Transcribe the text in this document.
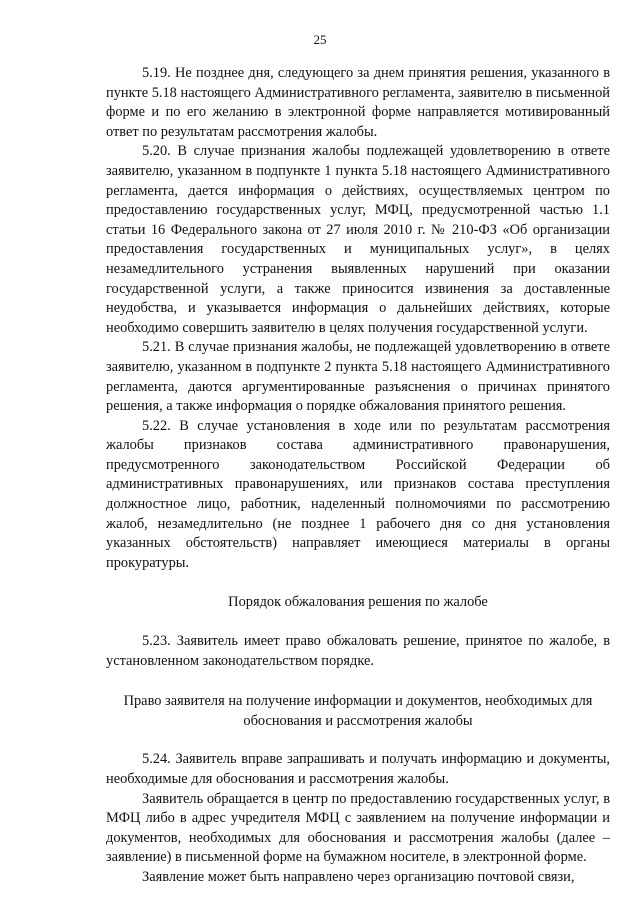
25

5.19. Не позднее дня, следующего за днем принятия решения, указанного в пункте 5.18 настоящего Административного регламента, заявителю в письменной форме и по его желанию в электронной форме направляется мотивированный ответ по результатам рассмотрения жалобы.

5.20. В случае признания жалобы подлежащей удовлетворению в ответе заявителю, указанном в подпункте 1 пункта 5.18 настоящего Административного регламента, дается информация о действиях, осуществляемых центром по предоставлению государственных услуг, МФЦ, предусмотренной частью 1.1 статьи 16 Федерального закона от 27 июля 2010 г. № 210-ФЗ «Об организации предоставления государственных и муниципальных услуг», в целях незамедлительного устранения выявленных нарушений при оказании государственной услуги, а также приносится извинения за доставленные неудобства, и указывается информация о дальнейших действиях, которые необходимо совершить заявителю в целях получения государственной услуги.

5.21. В случае признания жалобы, не подлежащей удовлетворению в ответе заявителю, указанном в подпункте 2 пункта 5.18 настоящего Административного регламента, даются аргументированные разъяснения о причинах принятого решения, а также информация о порядке обжалования принятого решения.

5.22. В случае установления в ходе или по результатам рассмотрения жалобы признаков состава административного правонарушения, предусмотренного законодательством Российской Федерации об административных правонарушениях, или признаков состава преступления должностное лицо, работник, наделенный полномочиями по рассмотрению жалоб, незамедлительно (не позднее 1 рабочего дня со дня установления указанных обстоятельств) направляет имеющиеся материалы в органы прокуратуры.

Порядок обжалования решения по жалобе

5.23. Заявитель имеет право обжаловать решение, принятое по жалобе, в установленном законодательством порядке.

Право заявителя на получение информации и документов, необходимых для
обоснования и рассмотрения жалобы

5.24. Заявитель вправе запрашивать и получать информацию и документы, необходимые для обоснования и рассмотрения жалобы.

Заявитель обращается в центр по предоставлению государственных услуг, в МФЦ либо в адрес учредителя МФЦ с заявлением на получение информации и документов, необходимых для обоснования и рассмотрения жалобы (далее – заявление) в письменной форме на бумажном носителе, в электронной форме.

Заявление может быть направлено через организацию почтовой связи,
